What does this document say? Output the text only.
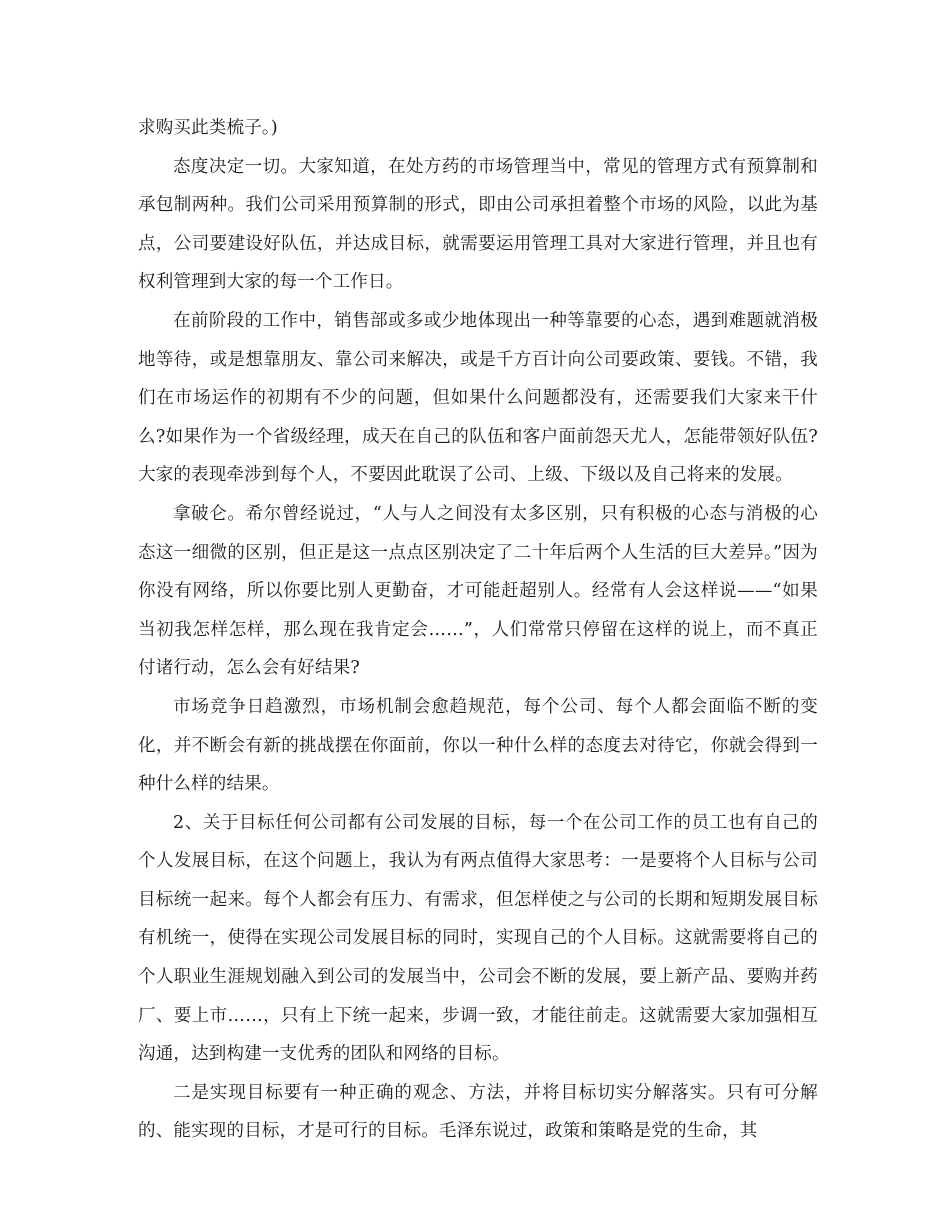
求购买此类梳子。)

态度决定一切。大家知道，在处方药的市场管理当中，常见的管理方式有预算制和承包制两种。我们公司采用预算制的形式，即由公司承担着整个市场的风险，以此为基点，公司要建设好队伍，并达成目标，就需要运用管理工具对大家进行管理，并且也有权利管理到大家的每一个工作日。

在前阶段的工作中，销售部或多或少地体现出一种等靠要的心态，遇到难题就消极地等待，或是想靠朋友、靠公司来解决，或是千方百计向公司要政策、要钱。不错，我们在市场运作的初期有不少的问题，但如果什么问题都没有，还需要我们大家来干什么?如果作为一个省级经理，成天在自己的队伍和客户面前怨天尤人，怎能带领好队伍?大家的表现牵涉到每个人，不要因此耽误了公司、上级、下级以及自己将来的发展。

拿破仑。希尔曾经说过，“人与人之间没有太多区别，只有积极的心态与消极的心态这一细微的区别，但正是这一点点区别决定了二十年后两个人生活的巨大差异。”因为你没有网络，所以你要比别人更勤奋，才可能赶超别人。经常有人会这样说——“如果当初我怎样怎样，那么现在我肯定会……”，人们常常只停留在这样的说上，而不真正付诸行动，怎么会有好结果?

市场竞争日趋激烈，市场机制会愈趋规范，每个公司、每个人都会面临不断的变化，并不断会有新的挑战摆在你面前，你以一种什么样的态度去对待它，你就会得到一种什么样的结果。

2、关于目标任何公司都有公司发展的目标，每一个在公司工作的员工也有自己的个人发展目标，在这个问题上，我认为有两点值得大家思考：一是要将个人目标与公司目标统一起来。每个人都会有压力、有需求，但怎样使之与公司的长期和短期发展目标有机统一，使得在实现公司发展目标的同时，实现自己的个人目标。这就需要将自己的个人职业生涯规划融入到公司的发展当中，公司会不断的发展，要上新产品、要购并药厂、要上市……，只有上下统一起来，步调一致，才能往前走。这就需要大家加强相互沟通，达到构建一支优秀的团队和网络的目标。

二是实现目标要有一种正确的观念、方法，并将目标切实分解落实。只有可分解的、能实现的目标，才是可行的目标。毛泽东说过，政策和策略是党的生命，其
